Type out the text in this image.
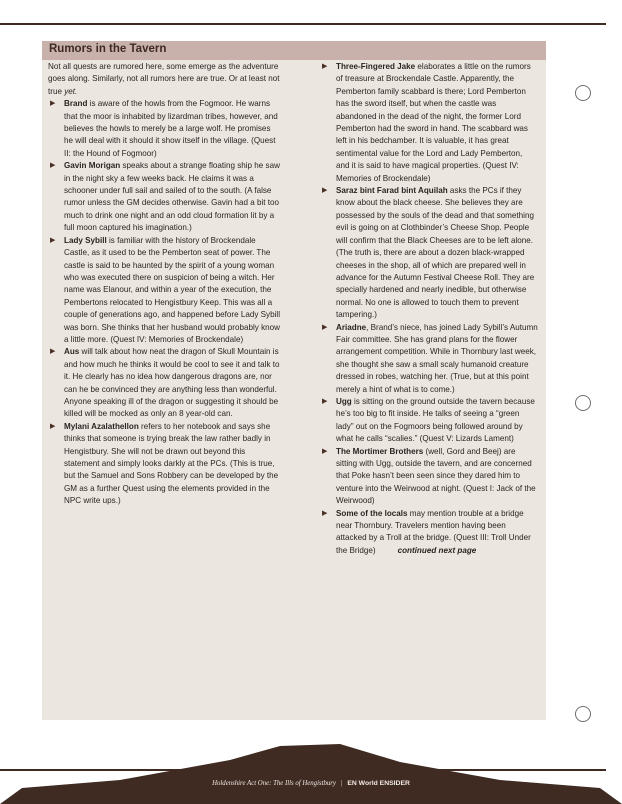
Rumors in the Tavern

Not all quests are rumored here, some emerge as the adventure goes along. Similarly, not all rumors here are true. Or at least not true yet.

▶ Brand is aware of the howls from the Fogmoor. He warns that the moor is inhabited by lizardman tribes, however, and believes the howls to merely be a large wolf. He promises he will deal with it should it show itself in the village. (Quest II: the Hound of Fogmoor)
▶ Gavin Morigan speaks about a strange floating ship he saw in the night sky a few weeks back. He claims it was a schooner under full sail and sailed of to the south. (A false rumor unless the GM decides otherwise. Gavin had a bit too much to drink one night and an odd cloud formation lit by a full moon captured his imagination.)
▶ Lady Sybill is familiar with the history of Brockendale Castle, as it used to be the Pemberton seat of power. The castle is said to be haunted by the spirit of a young woman who was executed there on suspicion of being a witch. Her name was Elanour, and within a year of the execution, the Pembertons relocated to Hengistbury Keep. This was all a couple of generations ago, and happened before Lady Sybill was born. She thinks that her husband would probably know a little more. (Quest IV: Memories of Brockendale)
▶ Aus will talk about how neat the dragon of Skull Mountain is and how much he thinks it would be cool to see it and talk to it. He clearly has no idea how dangerous dragons are, nor can he be convinced they are anything less than wonderful. Anyone speaking ill of the dragon or suggesting it should be killed will be mocked as only an 8 year-old can.
▶ Mylani Azalathellon refers to her notebook and says she thinks that someone is trying break the law rather badly in Hengistbury. She will not be drawn out beyond this statement and simply looks darkly at the PCs. (This is true, but the Samuel and Sons Robbery can be developed by the GM as a further Quest using the elements provided in the NPC write ups.)
▶ Three-Fingered Jake elaborates a little on the rumors of treasure at Brockendale Castle. Apparently, the Pemberton family scabbard is there; Lord Pemberton has the sword itself, but when the castle was abandoned in the dead of the night, the former Lord Pemberton had the sword in hand. The scabbard was left in his bedchamber. It is valuable, it has great sentimental value for the Lord and Lady Pemberton, and it is said to have magical properties. (Quest IV: Memories of Brockendale)
▶ Saraz bint Farad bint Aquilah asks the PCs if they know about the black cheese. She believes they are possessed by the souls of the dead and that something evil is going on at Clothbinder’s Cheese Shop. People will confirm that the Black Cheeses are to be left alone. (The truth is, there are about a dozen black-wrapped cheeses in the shop, all of which are prepared well in advance for the Autumn Festival Cheese Roll. They are specially hardened and nearly inedible, but otherwise normal. No one is allowed to touch them to prevent tampering.)
▶ Ariadne, Brand’s niece, has joined Lady Sybill’s Autumn Fair committee. She has grand plans for the flower arrangement competition. While in Thornbury last week, she thought she saw a small scaly humanoid creature dressed in robes, watching her. (True, but at this point merely a hint of what is to come.)
▶ Ugg is sitting on the ground outside the tavern because he’s too big to fit inside. He talks of seeing a “green lady” out on the Fogmoors being followed around by what he calls “scalies.” (Quest V: Lizards Lament)
▶ The Mortimer Brothers (well, Gord and Beej) are sitting with Ugg, outside the tavern, and are concerned that Poke hasn’t been seen since they dared him to venture into the Weirwood at night. (Quest I: Jack of the Weirwood)
▶ Some of the locals may mention trouble at a bridge near Thornbury. Travelers mention having been attacked by a Troll at the bridge. (Quest III: Troll Under the Bridge)	continued next page
Holdenshire Act One: The Ills of Hengistbury | EN World ENSIDER
